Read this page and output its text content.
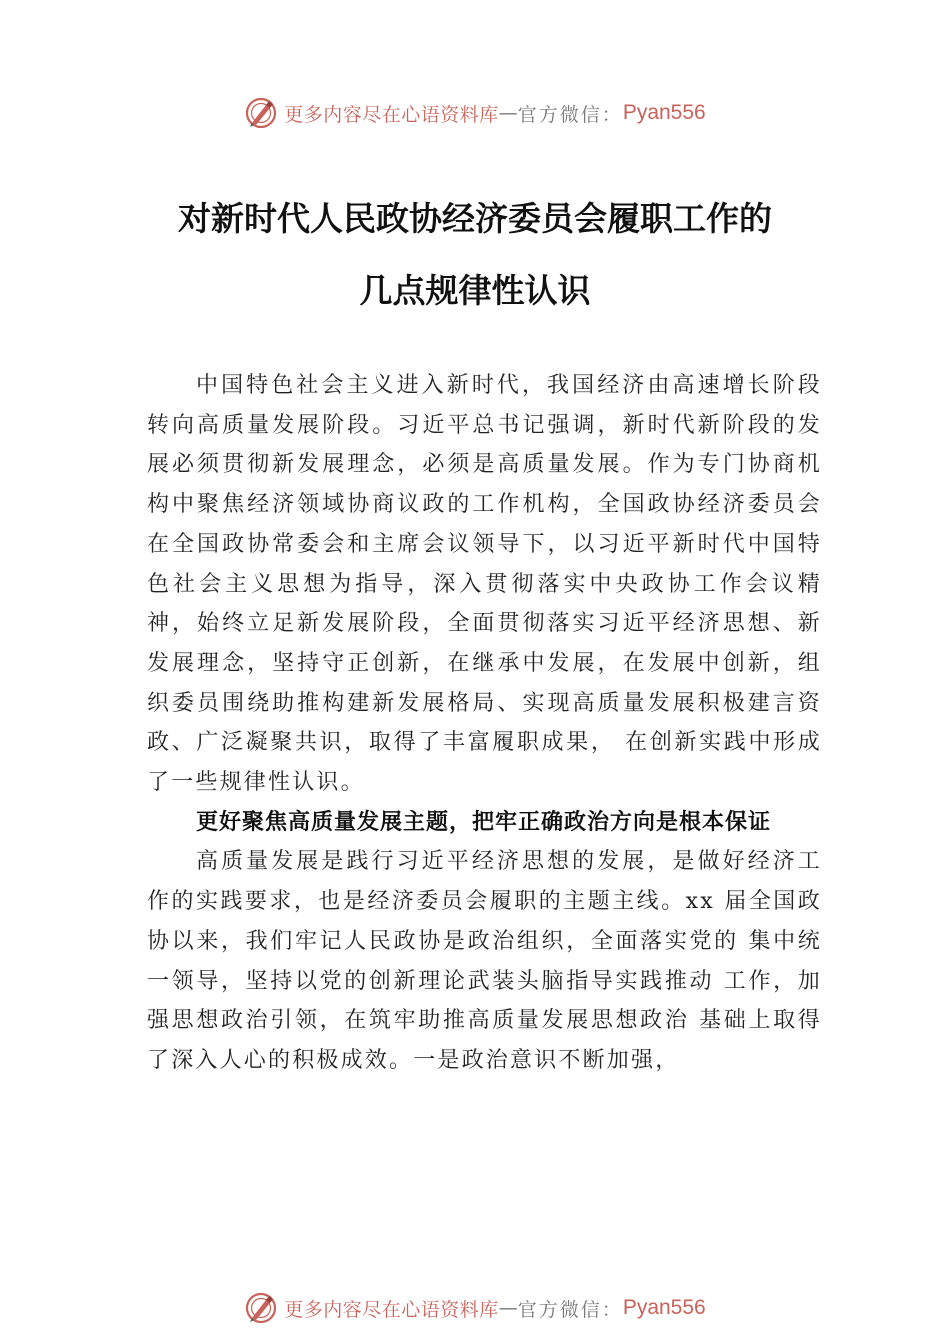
更多内容尽在心语资料库 — 官方微信： Pyan556
对新时代人民政协经济委员会履职工作的
几点规律性认识

中国特色社会主义进入新时代，我国经济由高速增长阶段转向高质量发展阶段。习近平总书记强调，新时代新阶段的发展必须贯彻新发展理念，必须是高质量发展。作为专门协商机构中聚焦经济领域协商议政的工作机构，全国政协经济委员会在全国政协常委会和主席会议领导下，以习近平新时代中国特色社会主义思想为指导，深入贯彻落实中央政协工作会议精神，始终立足新发展阶段，全面贯彻落实习近平经济思想、新发展理念，坚持守正创新，在继承中发展，在发展中创新，组织委员围绕助推构建新发展格局、实现高质量发展积极建言资政、广泛凝聚共识，取得了丰富履职成果， 在创新实践中形成了一些规律性认识。

更好聚焦高质量发展主题，把牢正确政治方向是根本保证

高质量发展是践行习近平经济思想的发展，是做好经济工作的实践要求，也是经济委员会履职的主题主线。xx 届全国政协以来，我们牢记人民政协是政治组织，全面落实党的 集中统一领导，坚持以党的创新理论武装头脑指导实践推动 工作，加强思想政治引领，在筑牢助推高质量发展思想政治 基础上取得了深入人心的积极成效。一是政治意识不断加强，

更多内容尽在心语资料库 — 官方微信： Pyan556
